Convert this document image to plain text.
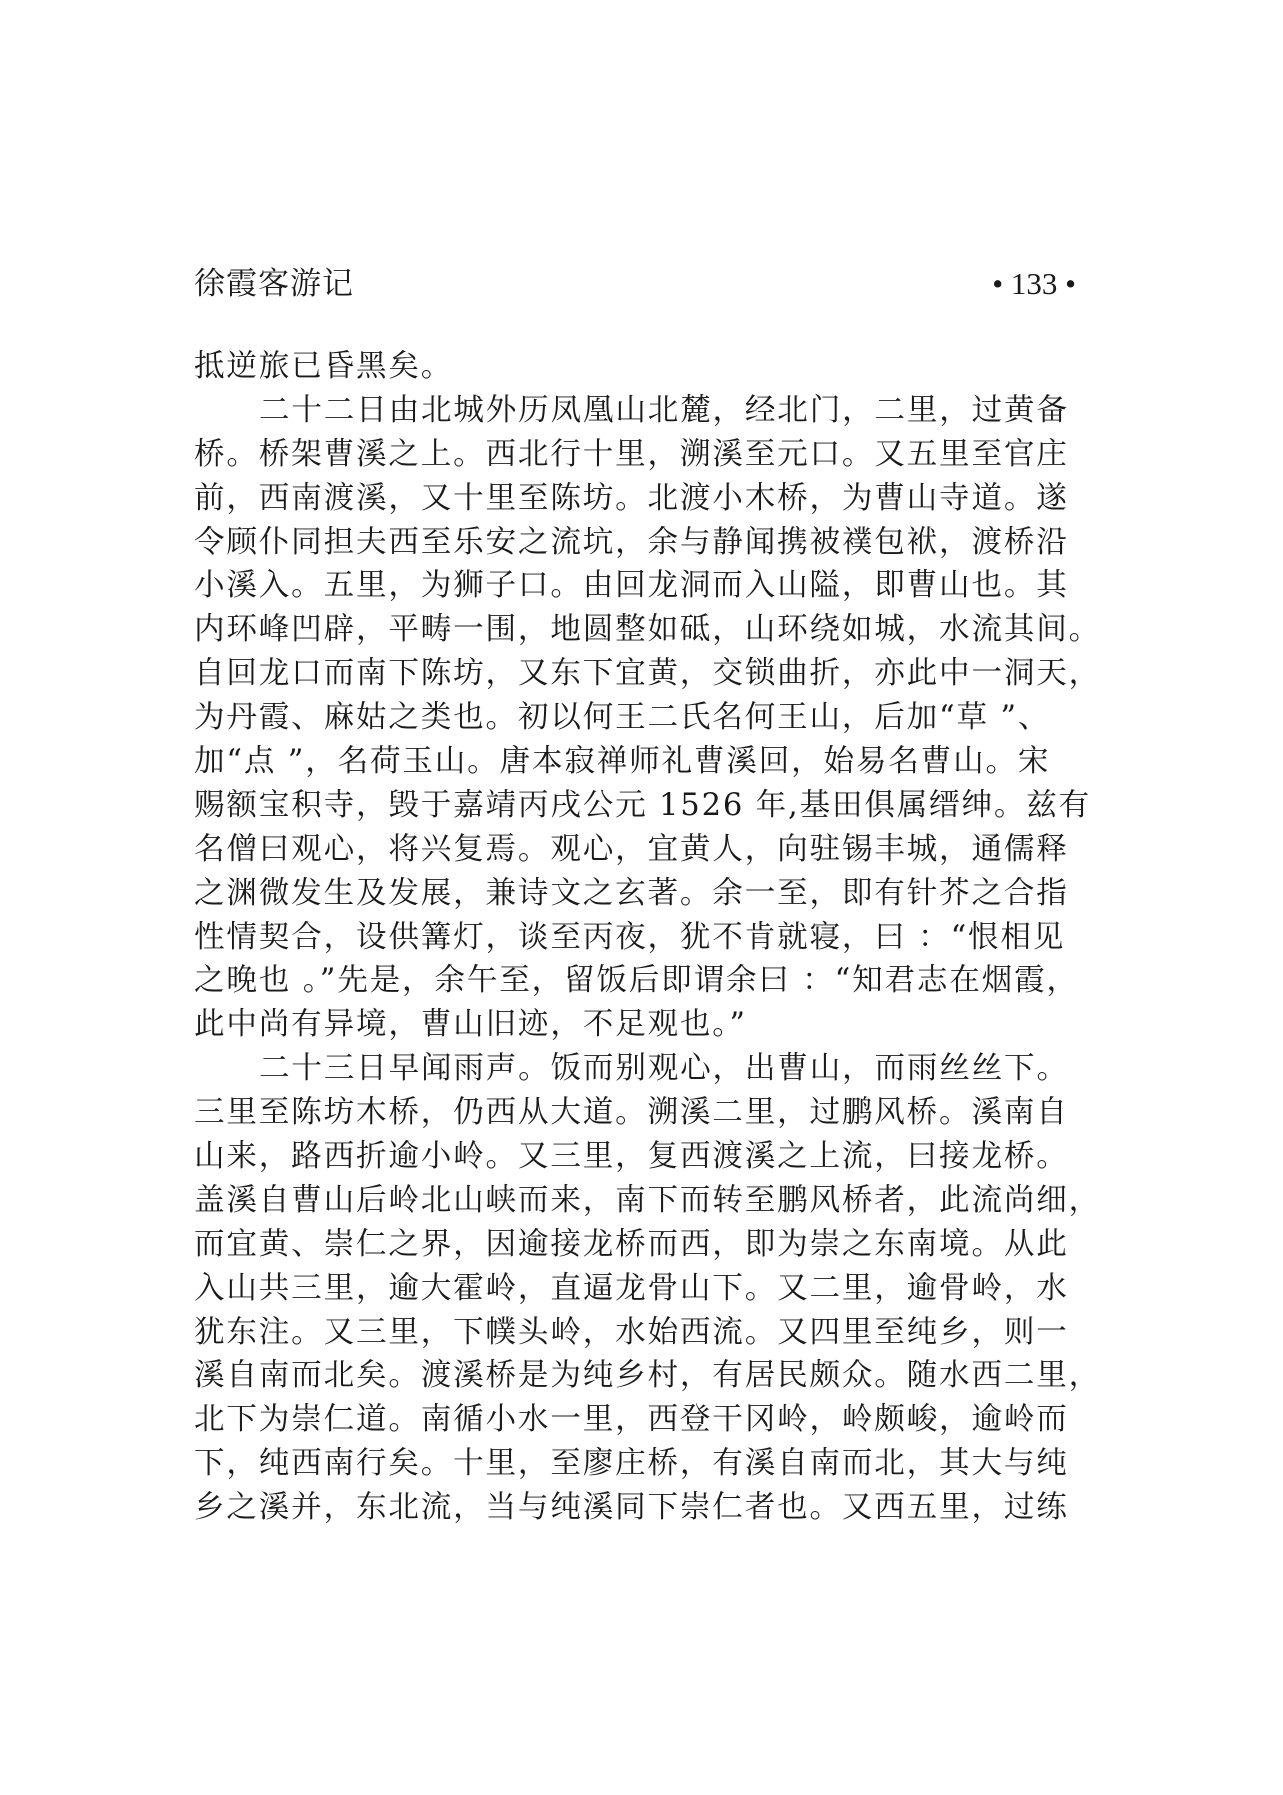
徐霞客游记	• 133 •
抵逆旅已昏黑矣。
二十二日由北城外历凤凰山北麓，经北门，二里，过黄备
桥。桥架曹溪之上。西北行十里，溯溪至元口。又五里至官庄
前，西南渡溪，又十里至陈坊。北渡小木桥，为曹山寺道。遂
令顾仆同担夫西至乐安之流坑，余与静闻携被襆包袱，渡桥沿
小溪入。五里，为狮子口。由回龙洞而入山隘，即曹山也。其
内环峰凹辟，平畴一围，地圆整如砥，山环绕如城，水流其间。
自回龙口而南下陈坊，又东下宜黄，交锁曲折，亦此中一洞天，
为丹霞、麻姑之类也。初以何王二氏名何王山，后加“草 ”、
加“点 ”，名荷玉山。唐本寂禅师礼曹溪回，始易名曹山。宋
赐额宝积寺，毁于嘉靖丙戌公元 1526 年,基田俱属缙绅。兹有
名僧曰观心，将兴复焉。观心，宜黄人，向驻锡丰城，通儒释
之渊微发生及发展，兼诗文之玄著。余一至，即有针芥之合指
性情契合，设供篝灯，谈至丙夜，犹不肯就寝，曰 ：“恨相见
之晚也 。”先是，余午至，留饭后即谓余曰 ：“知君志在烟霞，
此中尚有异境，曹山旧迹，不足观也。”
二十三日早闻雨声。饭而别观心，出曹山，而雨丝丝下。
三里至陈坊木桥，仍西从大道。溯溪二里，过鹏风桥。溪南自
山来，路西折逾小岭。又三里，复西渡溪之上流，曰接龙桥。
盖溪自曹山后岭北山峡而来，南下而转至鹏风桥者，此流尚细，
而宜黄、崇仁之界，因逾接龙桥而西，即为崇之东南境。从此
入山共三里，逾大霍岭，直逼龙骨山下。又二里，逾骨岭，水
犹东注。又三里，下幞头岭，水始西流。又四里至纯乡，则一
溪自南而北矣。渡溪桥是为纯乡村，有居民颇众。随水西二里，
北下为崇仁道。南循小水一里，西登干冈岭，岭颇峻，逾岭而
下，纯西南行矣。十里，至廖庄桥，有溪自南而北，其大与纯
乡之溪并，东北流，当与纯溪同下崇仁者也。又西五里，过练
